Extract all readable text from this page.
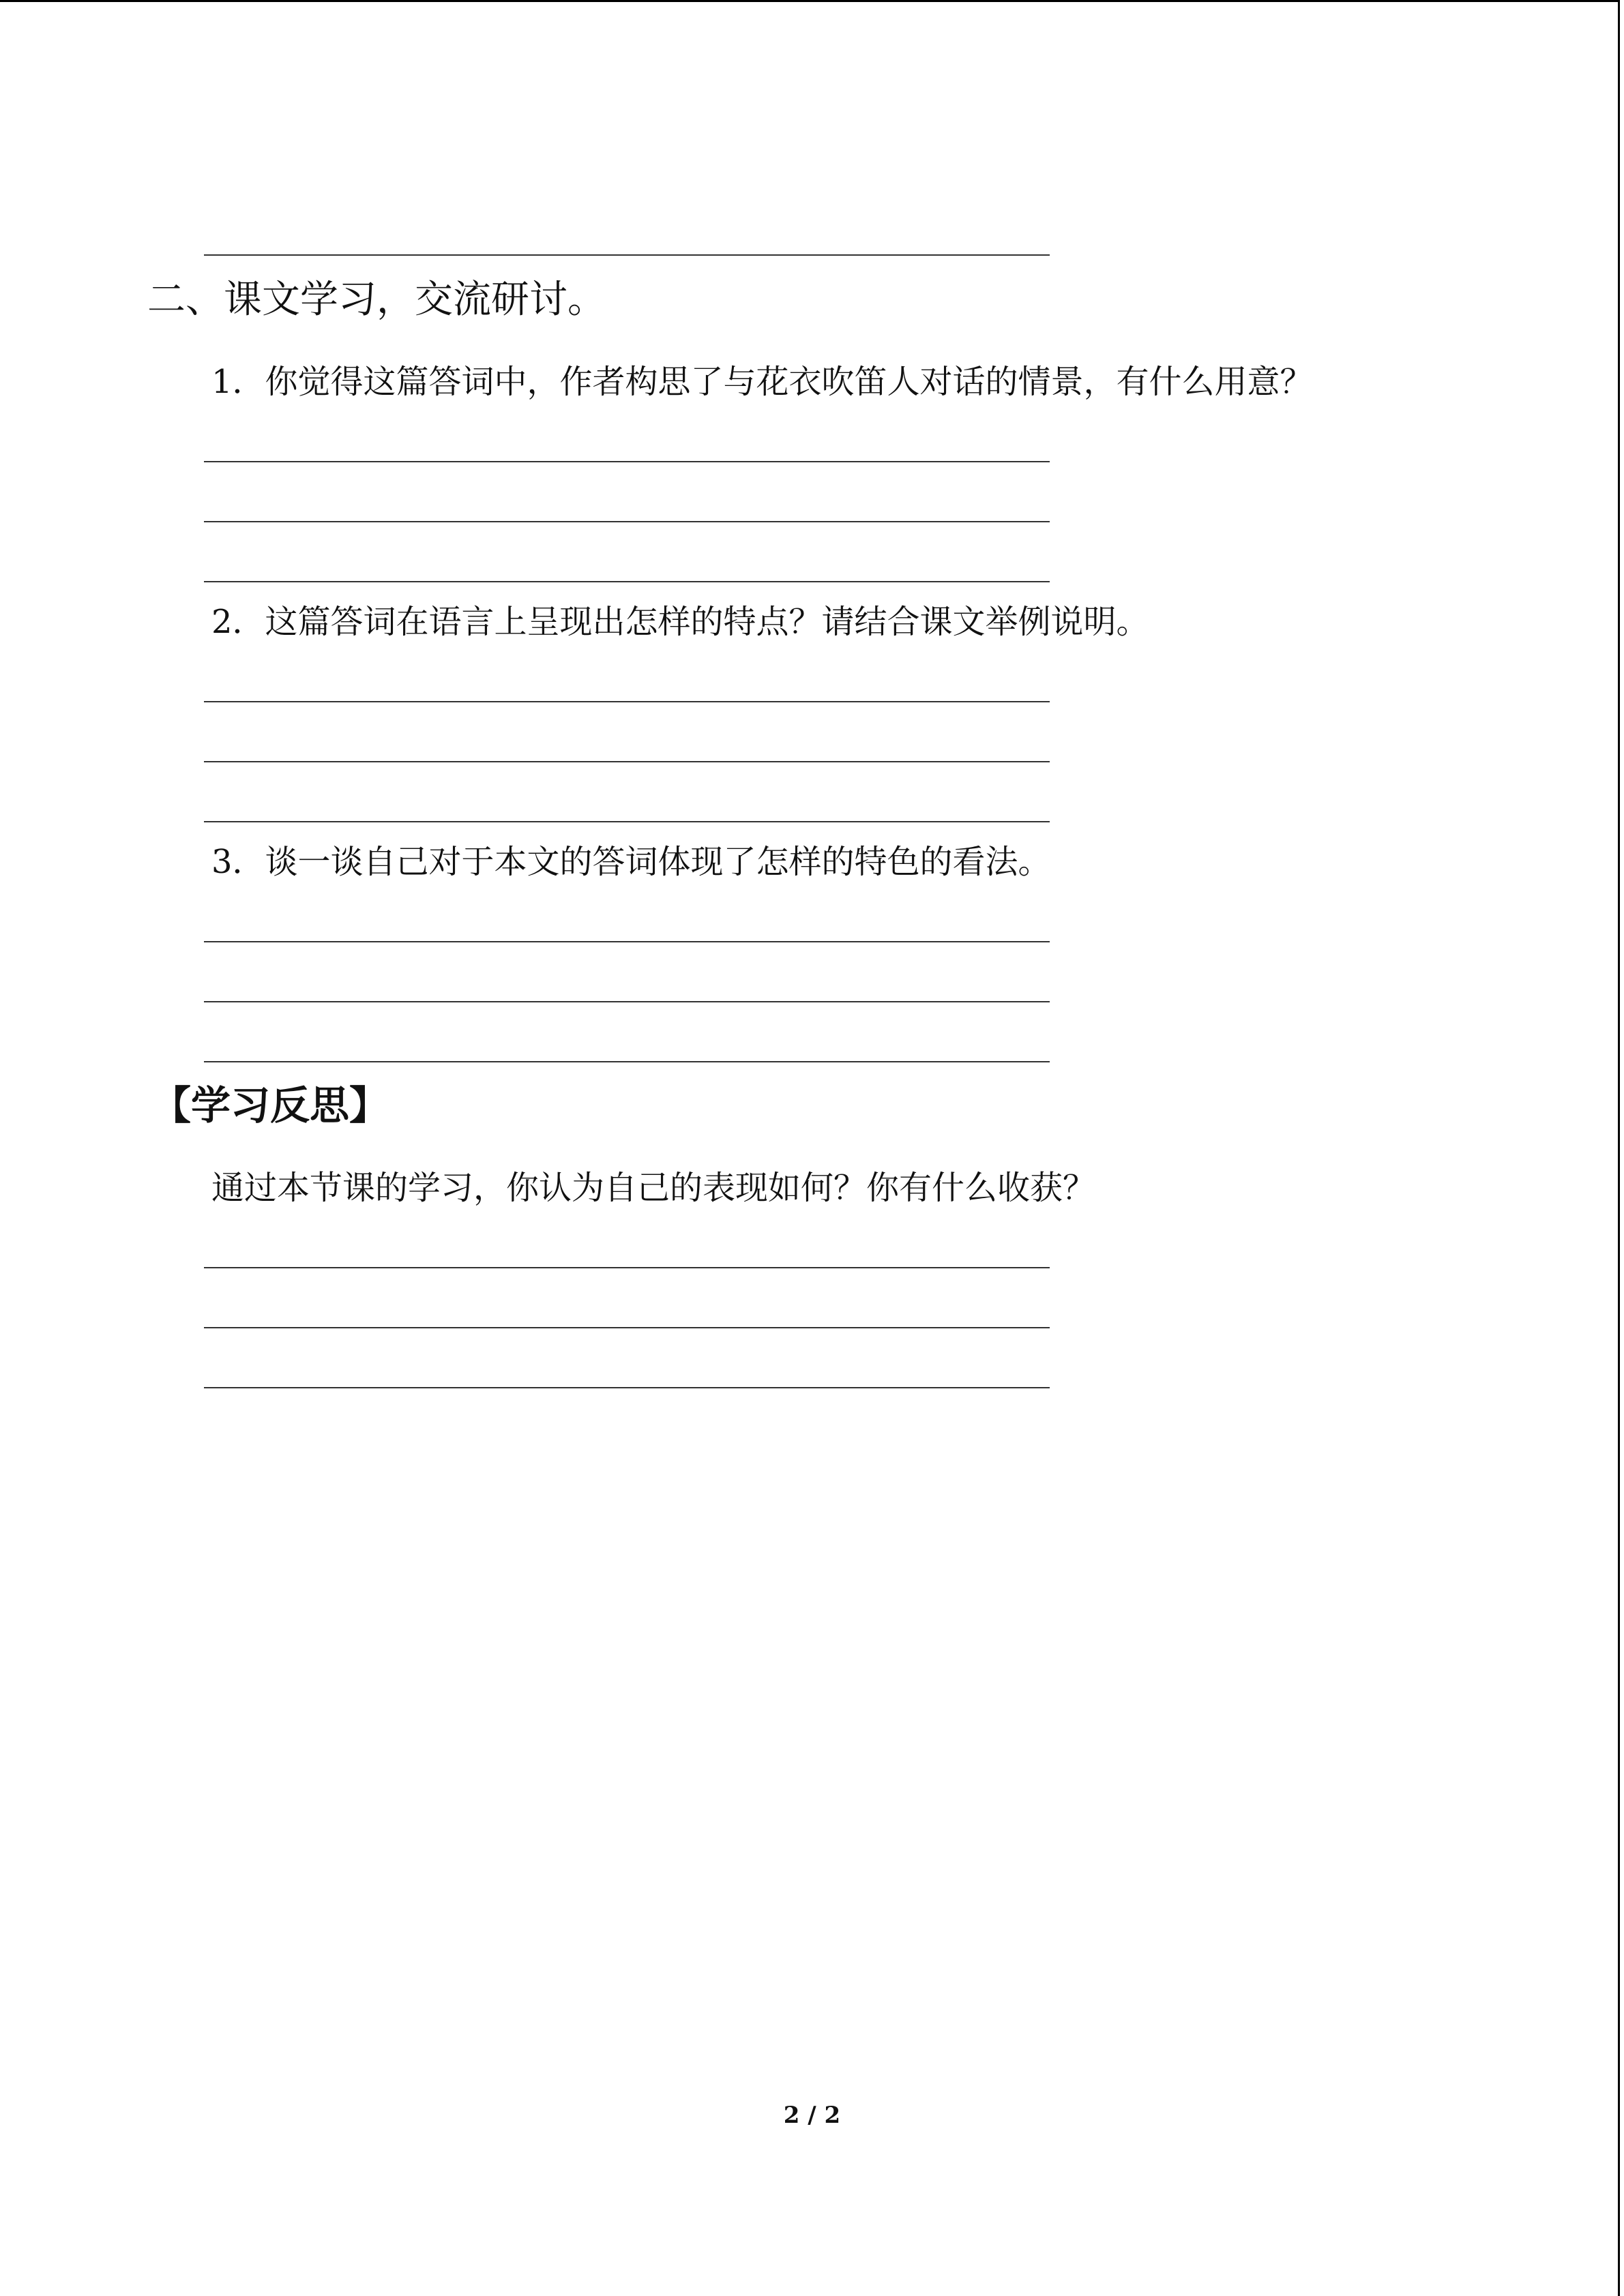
二、课文学习，交流研讨。
1．你觉得这篇答词中，作者构思了与花衣吹笛人对话的情景，有什么用意？
2．这篇答词在语言上呈现出怎样的特点？请结合课文举例说明。
3．谈一谈自己对于本文的答词体现了怎样的特色的看法。
【学习反思】
通过本节课的学习，你认为自己的表现如何？你有什么收获？
2 / 2
